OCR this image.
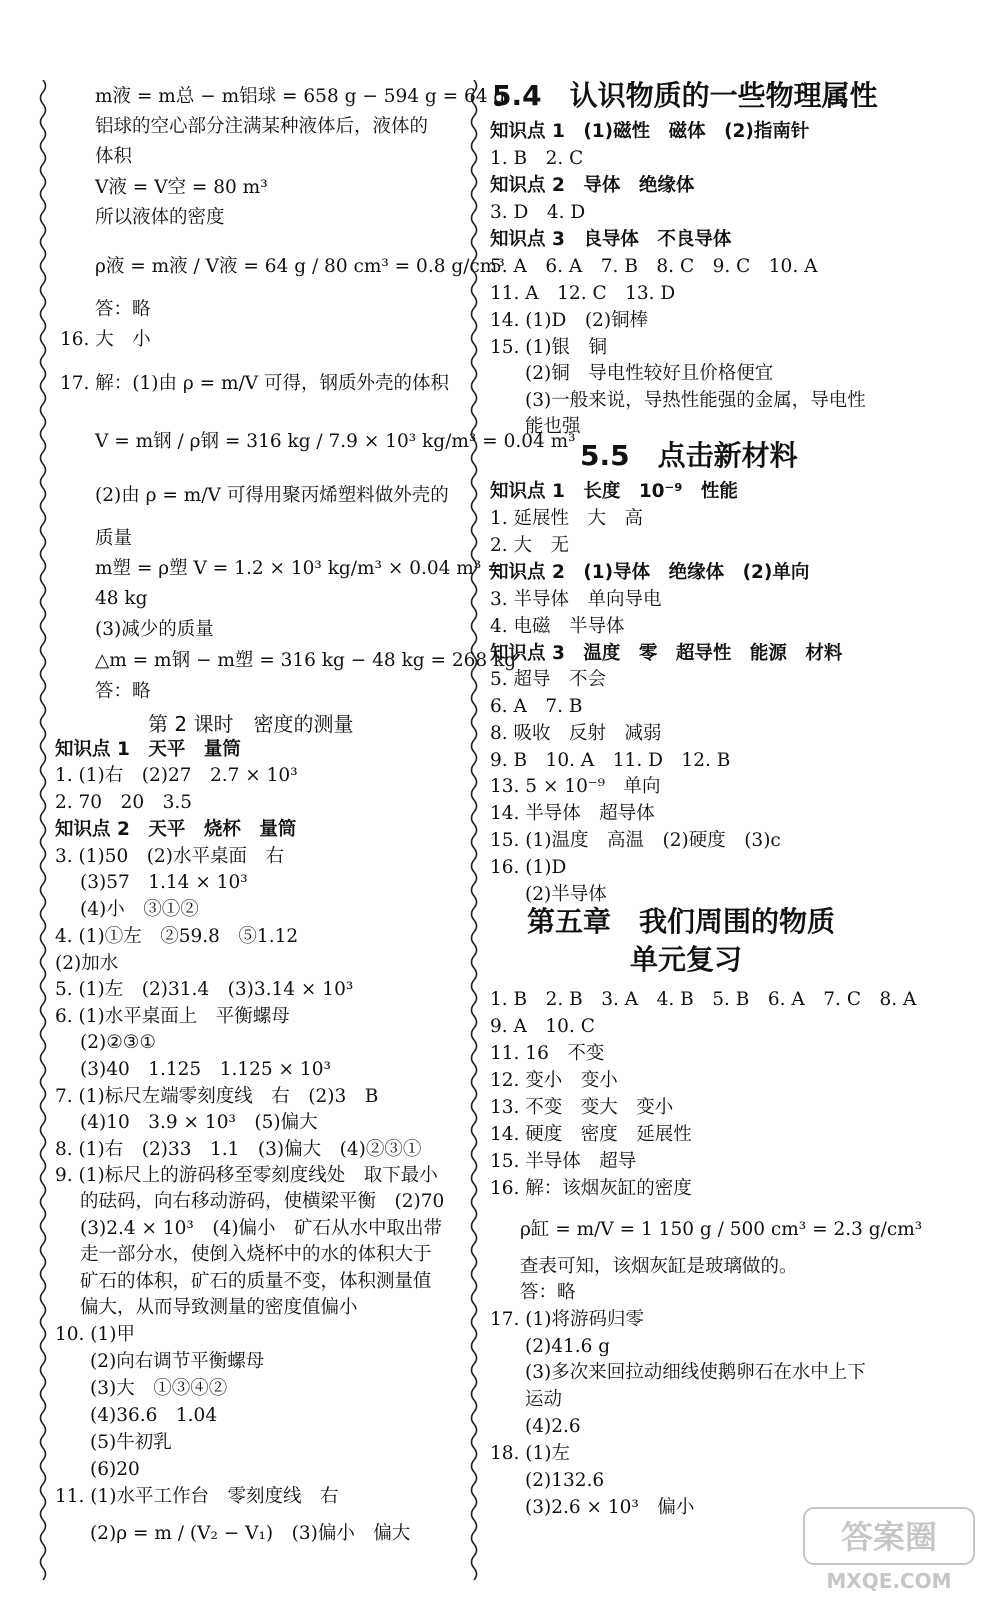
m液 = m总 − m铝球 = 658 g − 594 g = 64 g
铝球的空心部分注满某种液体后，液体的
体积
V液 = V空 = 80 m³
所以液体的密度
ρ液 = m液 / V液 = 64 g / 80 cm³ = 0.8 g/cm³
答：略
16. 大　小
17. 解：(1)由 ρ = m/V 可得，钢质外壳的体积
V = m钢 / ρ钢 = 316 kg / 7.9 × 10³ kg/m³ = 0.04 m³
(2)由 ρ = m/V 可得用聚丙烯塑料做外壳的
质量
m塑 = ρ塑 V = 1.2 × 10³ kg/m³ × 0.04 m³ =
48 kg
(3)减少的质量
△m = m钢 − m塑 = 316 kg − 48 kg = 268 kg
答：略
第 2 课时　密度的测量
知识点 1　天平　量筒
1. (1)右　(2)27　2.7 × 10³
2. 70　20　3.5
知识点 2　天平　烧杯　量筒
3. (1)50　(2)水平桌面　右
(3)57　1.14 × 10³
(4)小　③①②
4. (1)①左　②59.8　⑤1.12
(2)加水
5. (1)左　(2)31.4　(3)3.14 × 10³
6. (1)水平桌面上　平衡螺母
(2)②③①
(3)40　1.125　1.125 × 10³
7. (1)标尺左端零刻度线　右　(2)3　B
(4)10　3.9 × 10³　(5)偏大
8. (1)右　(2)33　1.1　(3)偏大　(4)②③①
9. (1)标尺上的游码移至零刻度线处　取下最小
的砝码，向右移动游码，使横梁平衡　(2)70
(3)2.4 × 10³　(4)偏小　矿石从水中取出带
走一部分水，使倒入烧杯中的水的体积大于
矿石的体积，矿石的质量不变，体积测量值
偏大，从而导致测量的密度值偏小
10. (1)甲
(2)向右调节平衡螺母
(3)大　①③④②
(4)36.6　1.04
(5)牛初乳
(6)20
11. (1)水平工作台　零刻度线　右
(2)ρ = m / (V₂ − V₁)　(3)偏小　偏大
5.4　认识物质的一些物理属性
知识点 1　(1)磁性　磁体　(2)指南针
1. B　2. C
知识点 2　导体　绝缘体
3. D　4. D
知识点 3　良导体　不良导体
5. A　6. A　7. B　8. C　9. C　10. A
11. A　12. C　13. D
14. (1)D　(2)铜棒
15. (1)银　铜
(2)铜　导电性较好且价格便宜
(3)一般来说，导热性能强的金属，导电性
能也强
5.5　点击新材料
知识点 1　长度　10⁻⁹　性能
1. 延展性　大　高
2. 大　无
知识点 2　(1)导体　绝缘体　(2)单向
3. 半导体　单向导电
4. 电磁　半导体
知识点 3　温度　零　超导性　能源　材料
5. 超导　不会
6. A　7. B
8. 吸收　反射　减弱
9. B　10. A　11. D　12. B
13. 5 × 10⁻⁹　单向
14. 半导体　超导体
15. (1)温度　高温　(2)硬度　(3)c
16. (1)D
(2)半导体
第五章　我们周围的物质
单元复习
1. B　2. B　3. A　4. B　5. B　6. A　7. C　8. A
9. A　10. C
11. 16　不变
12. 变小　变小
13. 不变　变大　变小
14. 硬度　密度　延展性
15. 半导体　超导
16. 解：该烟灰缸的密度
ρ缸 = m/V = 1 150 g / 500 cm³ = 2.3 g/cm³
查表可知，该烟灰缸是玻璃做的。
答：略
17. (1)将游码归零
(2)41.6 g
(3)多次来回拉动细线使鹅卵石在水中上下
运动
(4)2.6
18. (1)左
(2)132.6
(3)2.6 × 10³　偏小
答案圈
MXQE.COM
